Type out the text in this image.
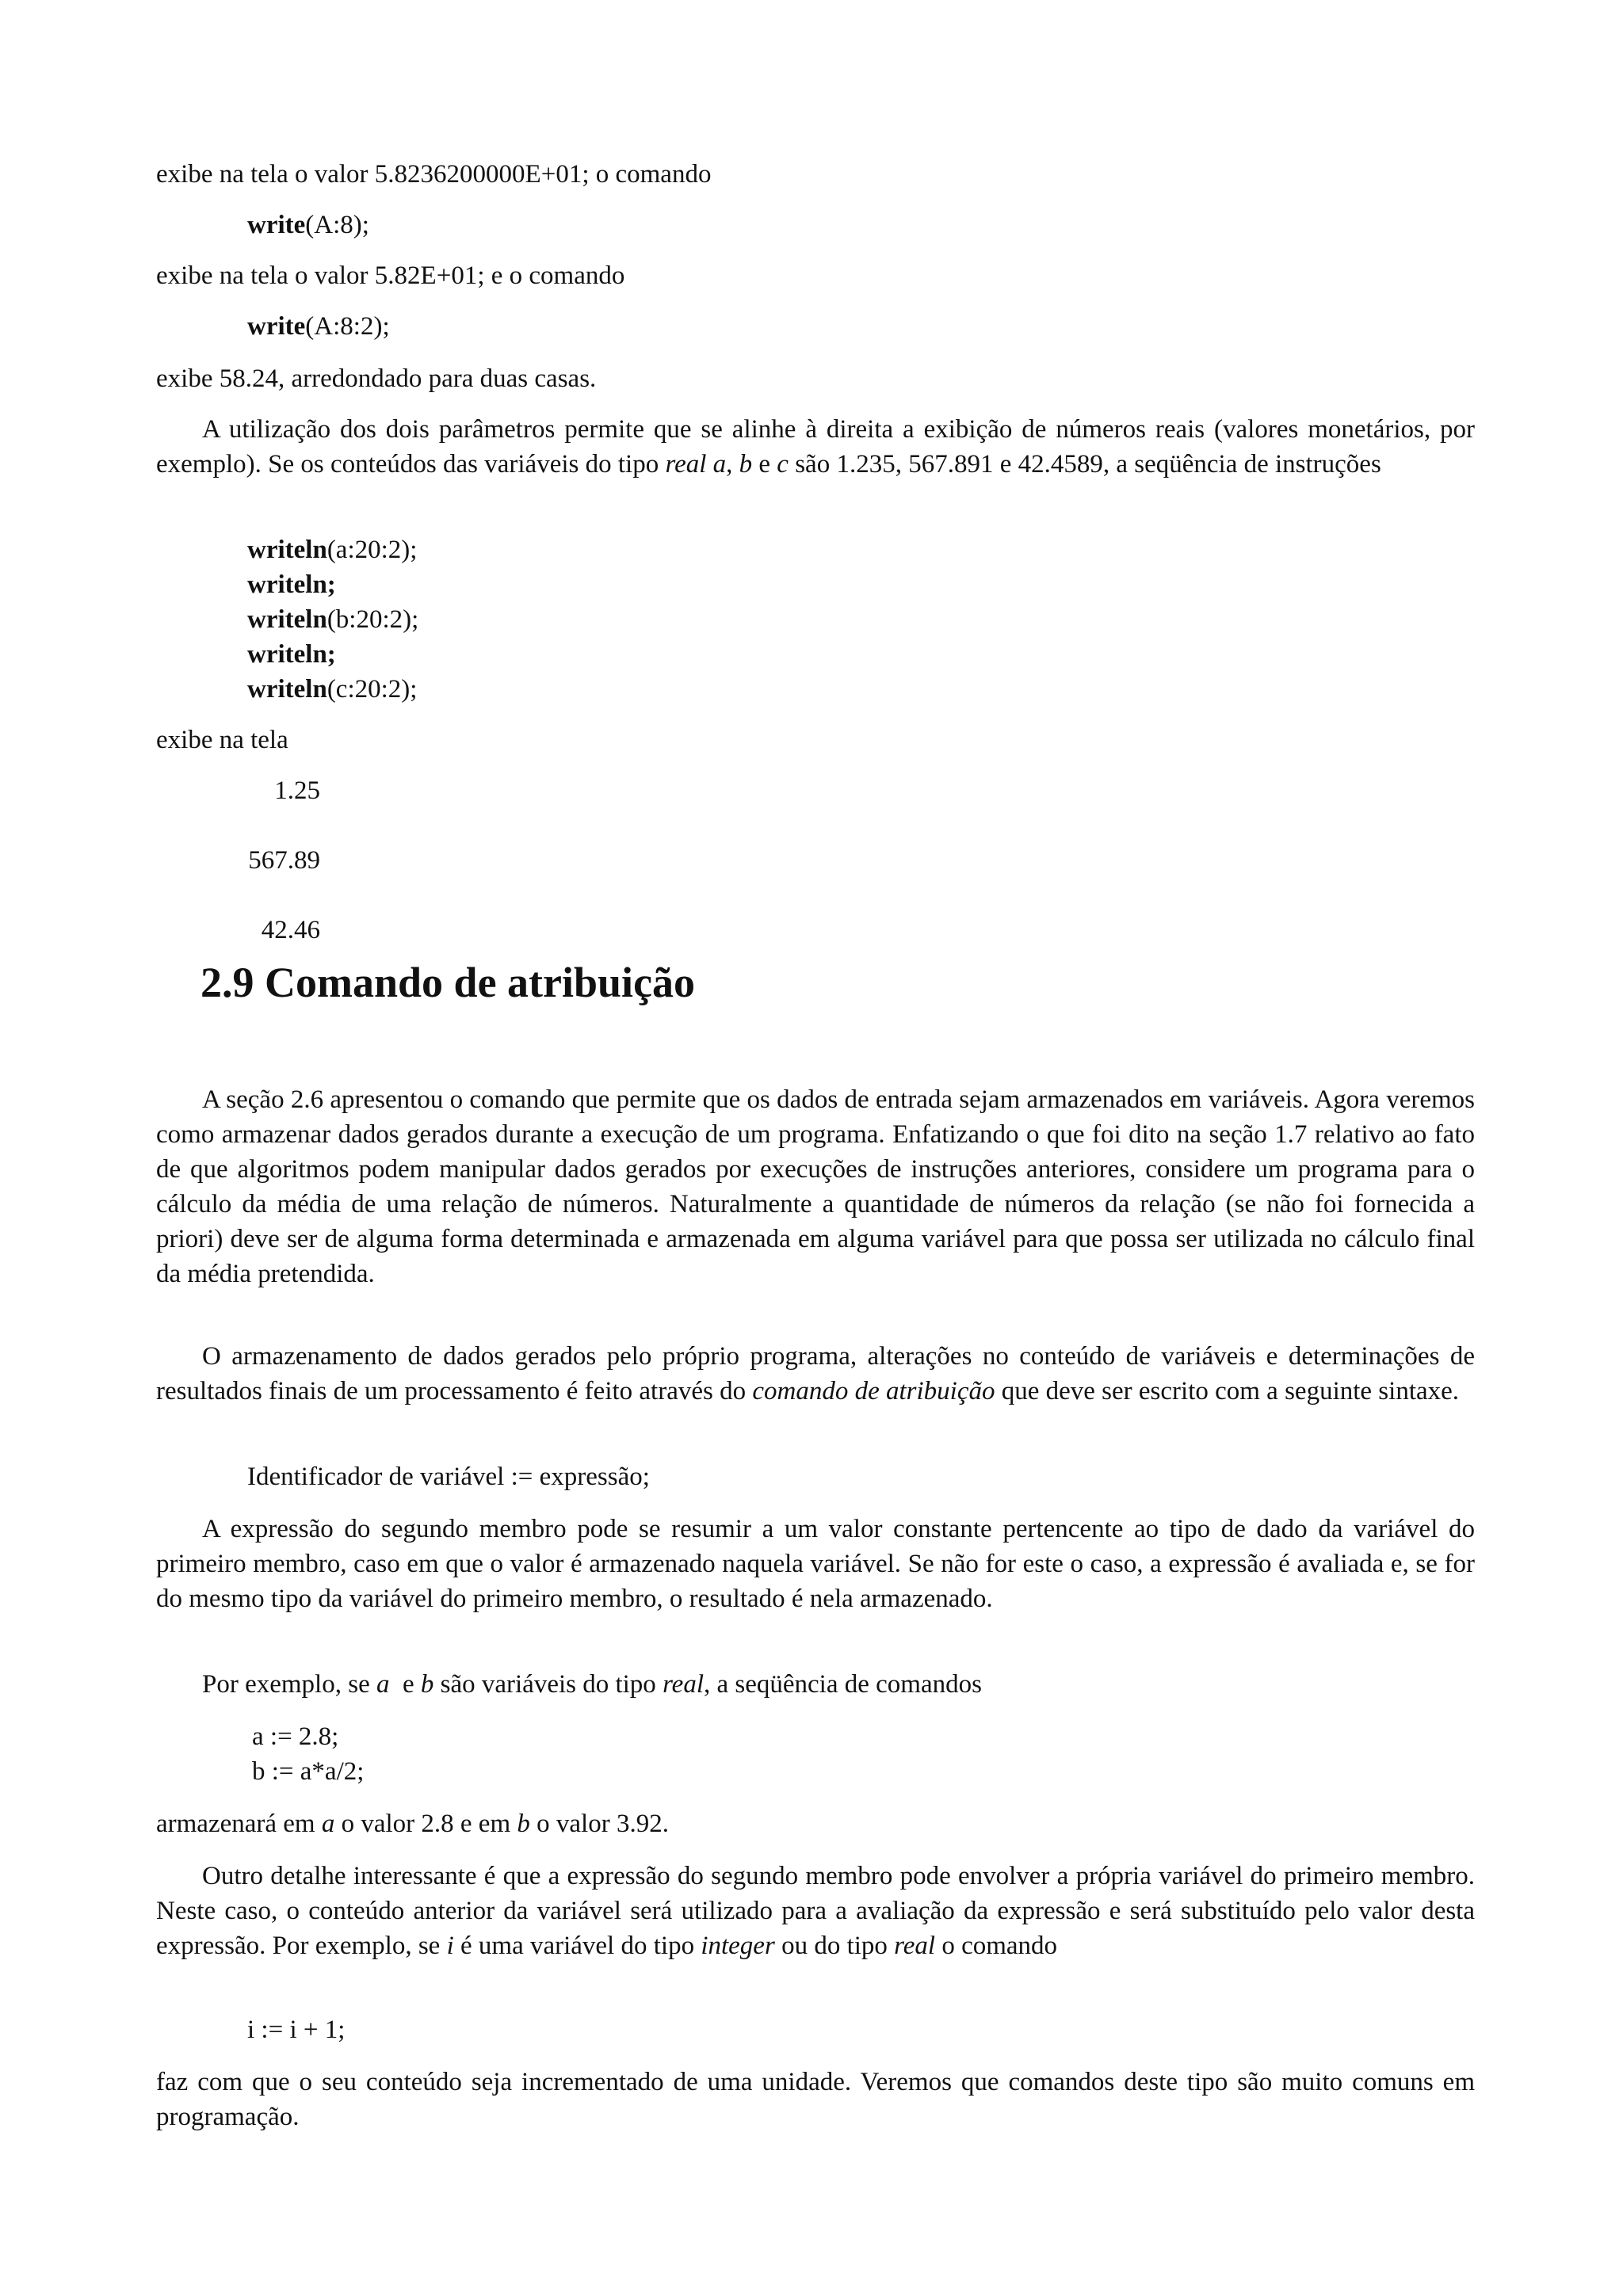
exibe na tela o valor 5.8236200000E+01; o comando
write(A:8);
exibe na tela o valor 5.82E+01; e o comando
write(A:8:2);
exibe 58.24, arredondado para duas casas.
A utilização dos dois parâmetros permite que se alinhe à direita a exibição de números reais (valores monetários, por exemplo). Se os conteúdos das variáveis do tipo real a, b e c são 1.235, 567.891 e 42.4589, a seqüência de instruções
writeln(a:20:2);
writeln;
writeln(b:20:2);
writeln;
writeln(c:20:2);
exibe na tela
1.25
567.89
42.46
2.9 Comando de atribuição
A seção 2.6 apresentou o comando que permite que os dados de entrada sejam armazenados em variáveis. Agora veremos como armazenar dados gerados durante a execução de um programa. Enfatizando o que foi dito na seção 1.7 relativo ao fato de que algoritmos podem manipular dados gerados por execuções de instruções anteriores, considere um programa para o cálculo da média de uma relação de números. Naturalmente a quantidade de números da relação (se não foi fornecida a priori) deve ser de alguma forma determinada e armazenada em alguma variável para que possa ser utilizada no cálculo final da média pretendida.
O armazenamento de dados gerados pelo próprio programa, alterações no conteúdo de variáveis e determinações de resultados finais de um processamento é feito através do comando de atribuição que deve ser escrito com a seguinte sintaxe.
Identificador de variável := expressão;
A expressão do segundo membro pode se resumir a um valor constante pertencente ao tipo de dado da variável do primeiro membro, caso em que o valor é armazenado naquela variável. Se não for este o caso, a expressão é avaliada e, se for do mesmo tipo da variável do primeiro membro, o resultado é nela armazenado.
Por exemplo, se a  e b são variáveis do tipo real, a seqüência de comandos
a := 2.8;
b := a*a/2;
armazenará em a o valor 2.8 e em b o valor 3.92.
Outro detalhe interessante é que a expressão do segundo membro pode envolver a própria variável do primeiro membro. Neste caso, o conteúdo anterior da variável será utilizado para a avaliação da expressão e será substituído pelo valor desta expressão. Por exemplo, se i é uma variável do tipo integer ou do tipo real o comando
i := i + 1;
faz com que o seu conteúdo seja incrementado de uma unidade. Veremos que comandos deste tipo são muito comuns em programação.
